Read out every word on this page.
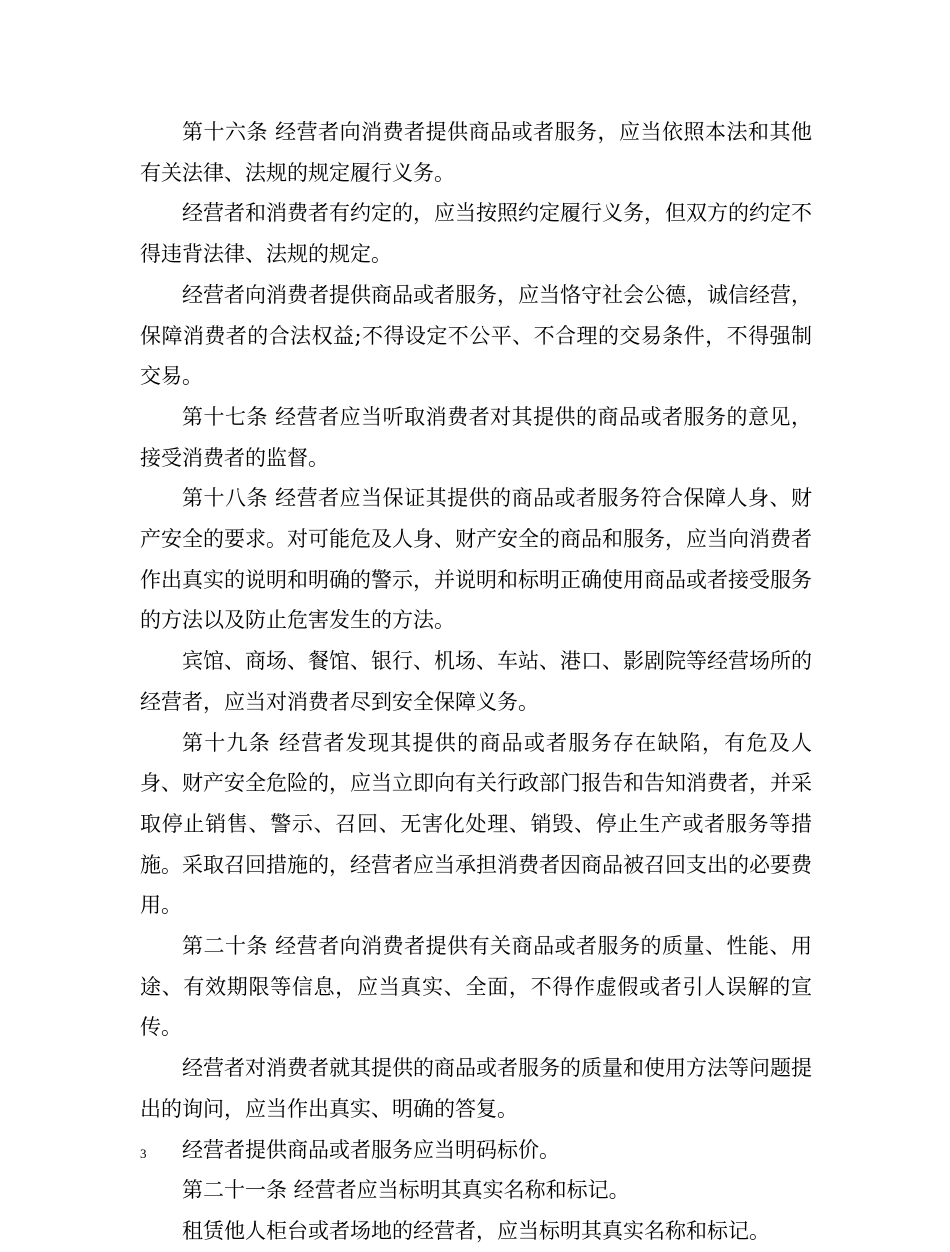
第十六条 经营者向消费者提供商品或者服务，应当依照本法和其他有关法律、法规的规定履行义务。

经营者和消费者有约定的，应当按照约定履行义务，但双方的约定不得违背法律、法规的规定。

经营者向消费者提供商品或者服务，应当恪守社会公德，诚信经营，保障消费者的合法权益;不得设定不公平、不合理的交易条件，不得强制交易。

第十七条 经营者应当听取消费者对其提供的商品或者服务的意见，接受消费者的监督。

第十八条 经营者应当保证其提供的商品或者服务符合保障人身、财产安全的要求。对可能危及人身、财产安全的商品和服务，应当向消费者作出真实的说明和明确的警示，并说明和标明正确使用商品或者接受服务的方法以及防止危害发生的方法。

宾馆、商场、餐馆、银行、机场、车站、港口、影剧院等经营场所的经营者，应当对消费者尽到安全保障义务。

第十九条 经营者发现其提供的商品或者服务存在缺陷，有危及人身、财产安全危险的，应当立即向有关行政部门报告和告知消费者，并采取停止销售、警示、召回、无害化处理、销毁、停止生产或者服务等措施。采取召回措施的，经营者应当承担消费者因商品被召回支出的必要费用。

第二十条 经营者向消费者提供有关商品或者服务的质量、性能、用途、有效期限等信息，应当真实、全面，不得作虚假或者引人误解的宣传。

经营者对消费者就其提供的商品或者服务的质量和使用方法等问题提出的询问，应当作出真实、明确的答复。

经营者提供商品或者服务应当明码标价。

第二十一条 经营者应当标明其真实名称和标记。

租赁他人柜台或者场地的经营者，应当标明其真实名称和标记。

3
